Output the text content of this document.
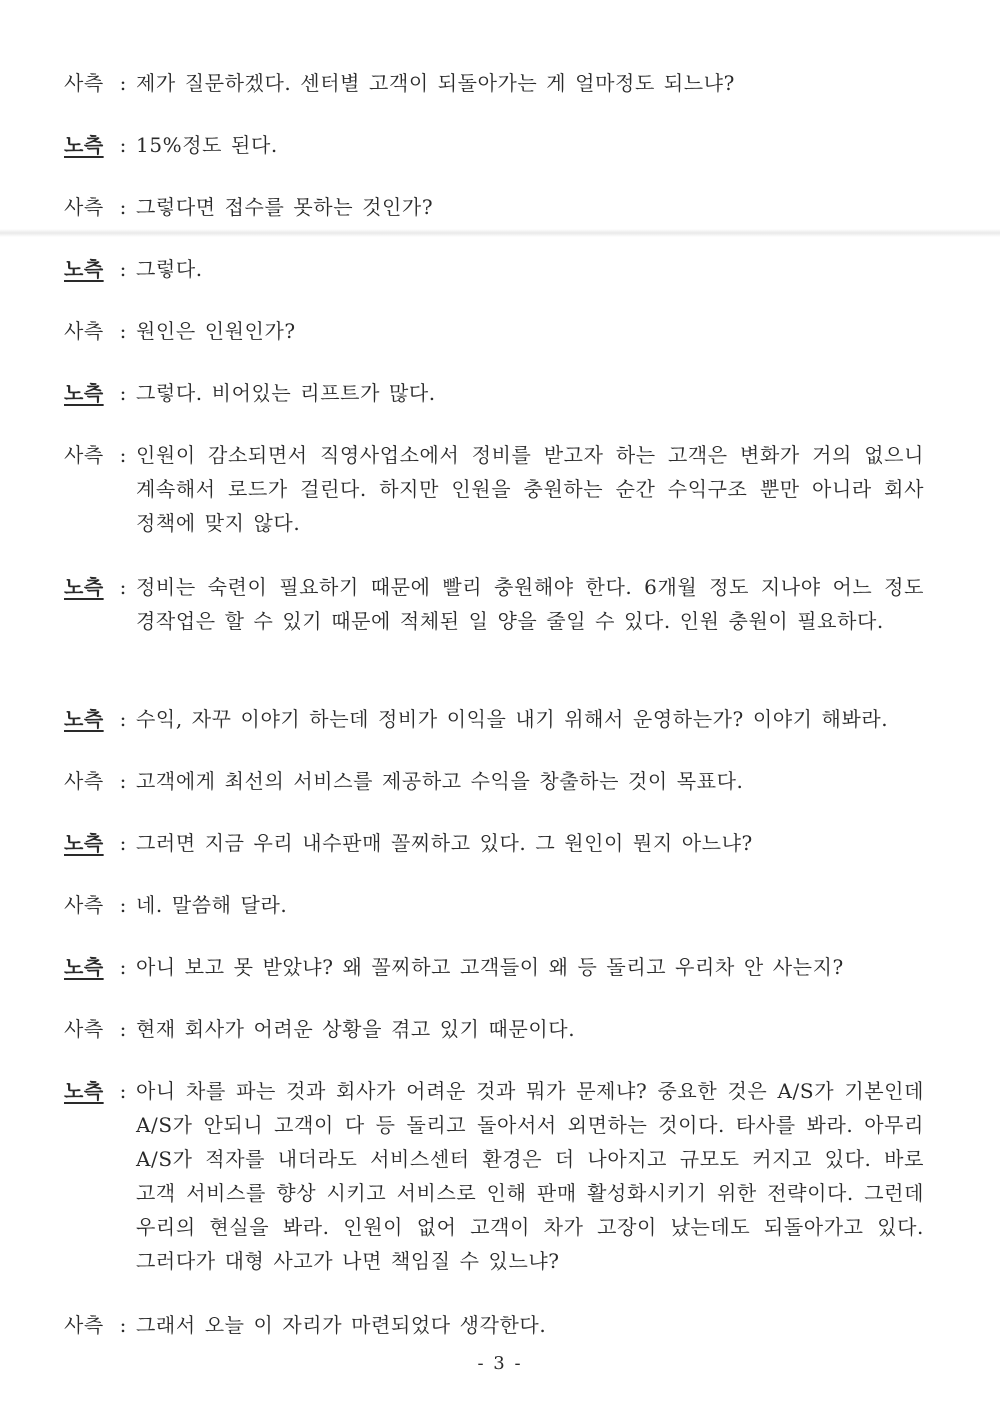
사측 : 제가 질문하겠다. 센터별 고객이 되돌아가는 게 얼마정도 되느냐?
노측 : 15%정도 된다.
사측 : 그렇다면 접수를 못하는 것인가?
노측 : 그렇다.
사측 : 원인은 인원인가?
노측 : 그렇다. 비어있는 리프트가 많다.
사측 : 인원이 감소되면서 직영사업소에서 정비를 받고자 하는 고객은 변화가 거의 없으니 계속해서 로드가 걸린다. 하지만 인원을 충원하는 순간 수익구조 뿐만 아니라 회사 정책에 맞지 않다.
노측 : 정비는 숙련이 필요하기 때문에 빨리 충원해야 한다. 6개월 정도 지나야 어느 정도 경작업은 할 수 있기 때문에 적체된 일 양을 줄일 수 있다. 인원 충원이 필요하다.
노측 : 수익, 자꾸 이야기 하는데 정비가 이익을 내기 위해서 운영하는가? 이야기 해봐라.
사측 : 고객에게 최선의 서비스를 제공하고 수익을 창출하는 것이 목표다.
노측 : 그러면 지금 우리 내수판매 꼴찌하고 있다. 그 원인이 뭔지 아느냐?
사측 : 네. 말씀해 달라.
노측 : 아니 보고 못 받았냐? 왜 꼴찌하고 고객들이 왜 등 돌리고 우리차 안 사는지?
사측 : 현재 회사가 어려운 상황을 겪고 있기 때문이다.
노측 : 아니 차를 파는 것과 회사가 어려운 것과 뭐가 문제냐? 중요한 것은 A/S가 기본인데 A/S가 안되니 고객이 다 등 돌리고 돌아서서 외면하는 것이다. 타사를 봐라. 아무리 A/S가 적자를 내더라도 서비스센터 환경은 더 나아지고 규모도 커지고 있다. 바로 고객 서비스를 향상 시키고 서비스로 인해 판매 활성화시키기 위한 전략이다. 그런데 우리의 현실을 봐라. 인원이 없어 고객이 차가 고장이 났는데도 되돌아가고 있다. 그러다가 대형 사고가 나면 책임질 수 있느냐?
사측 : 그래서 오늘 이 자리가 마련되었다 생각한다.
- 3 -
